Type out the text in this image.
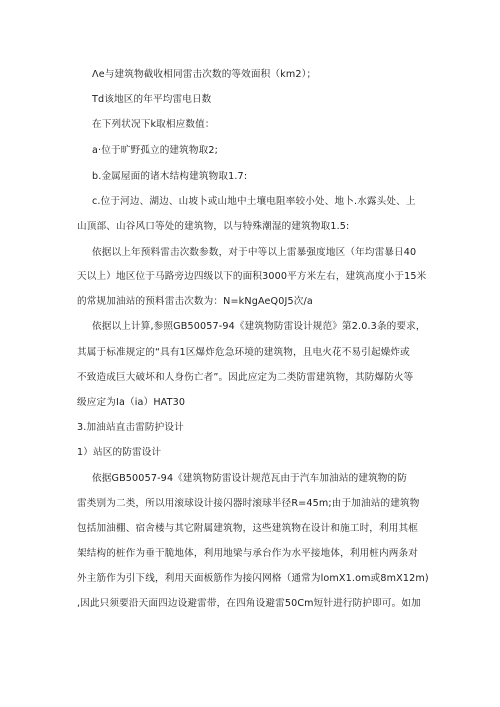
Λe与建筑物截收相同雷击次数的等效面积（km2）；
Td该地区的年平均雷电日数
在下列状况下k取相应数值：
a·位于旷野孤立的建筑物取2;
b.金属屋面的诸木结构建筑物取1.7:
c.位于河边、湖边、山坡卜或山地中土壤电阻率较小处、地卜.水露头处、上
山顶部、山谷风口等处的建筑物，以与特殊潮湿的建筑物取1.5:
依据以上年预料雷击次数参数，对于中等以上雷暴强度地区（年均雷暴日40
天以上）地区位于马路旁边四级以下的面积3000平方米左右，建筑高度小于15米
的常规加油站的预料雷击次数为：N=kNgAeQ0J5次/a
依据以上计算,参照GB50057-94《建筑物防雷设计规范》第2.0.3条的要求，
其属于标准规定的“具有1区爆炸危急环境的建筑物，且电火花不易引起燥炸或
不致造成巨大破坏和人身伤亡者”。因此应定为二类防雷建筑物，其防爆防火等
级应定为Ia（ia）HAT30
3.加油站直击雷防护设计
1）站区的防雷设计
依据GB50057-94《建筑物防雷设计规范瓦由于汽车加油站的建筑物的防
雷类别为二类，所以用滚球设计接闪器时滚球半径R=45m;由于加油站的建筑物
包括加油棚、宿舍楼与其它附属建筑物，这些建筑物在设计和施工时，利用其框
架结构的桩作为垂干脆地体，利用地梁与承台作为水平接地体，利用桩内两条对
外主筋作为引下线，利用天面板筋作为接闪网格（通常为lomX1.om或8mX12m)
,因此只须要沿天面四边设避雷带，在四角设避雷50Cm短针进行防护即可。如加
